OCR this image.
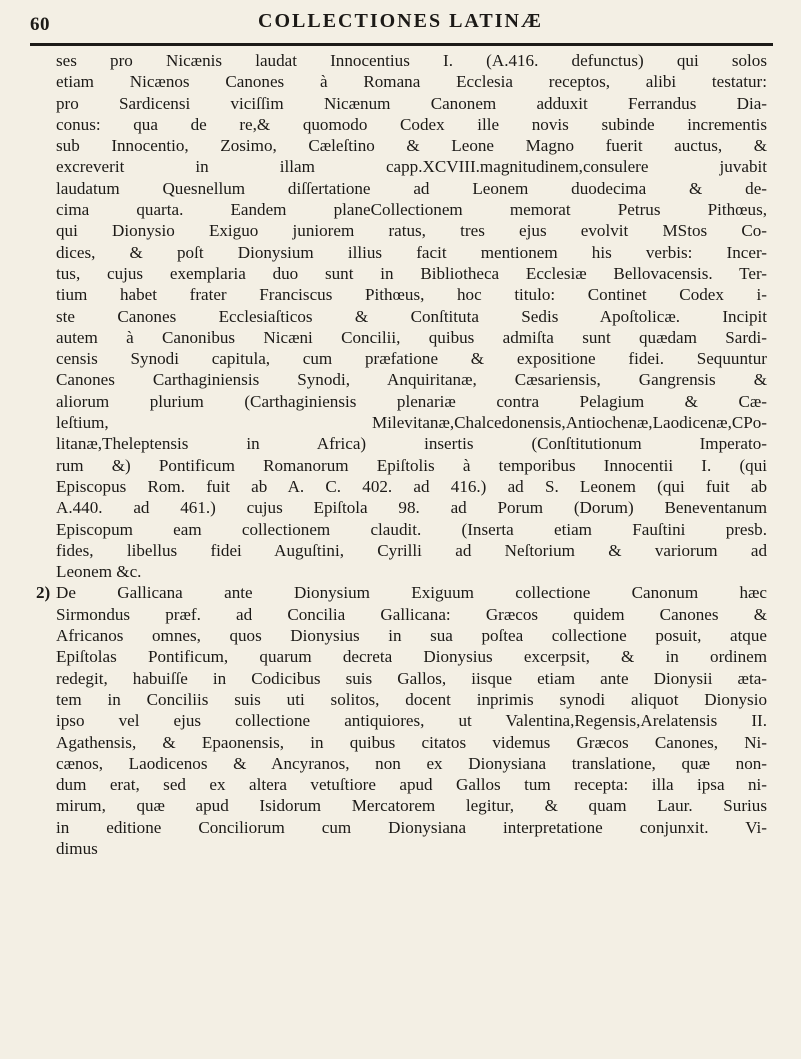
60	COLLECTIONES LATINÆ

ses pro Nicænis laudat Innocentius I. (A.416. defunctus) qui solos
etiam Nicænos Canones à Romana Ecclesia receptos, alibi testatur:
pro Sardicensi viciſſim Nicænum Canonem adduxit Ferrandus Dia-
conus: qua de re,& quomodo Codex ille novis subinde incrementis
sub Innocentio, Zosimo, Cæleſtino & Leone Magno fuerit auctus, &
excreverit in illam capp.XCVIII.magnitudinem,consulere juvabit
laudatum Quesnellum diſſertatione ad Leonem duodecima & de-
cima quarta. Eandem planeCollectionem memorat Petrus Pithœus,
qui Dionysio Exiguo juniorem ratus, tres ejus evolvit MStos Co-
dices, & poſt Dionysium illius facit mentionem his verbis: Incer-
tus, cujus exemplaria duo sunt in Bibliotheca Ecclesiæ Bellovacensis. Ter-
tium habet frater Franciscus Pithœus, hoc titulo: Continet Codex i-
ste Canones Ecclesiaſticos & Conſtituta Sedis Apoſtolicæ. Incipit
autem à Canonibus Nicæni Concilii, quibus admiſta sunt quædam Sardi-
censis Synodi capitula, cum præfatione & expositione fidei. Sequuntur
Canones Carthaginiensis Synodi, Anquiritanæ, Cæsariensis, Gangrensis &
aliorum plurium (Carthaginiensis plenariæ contra Pelagium & Cæ-
leſtium, Milevitanæ,Chalcedonensis,Antiochenæ,Laodicenæ,CPo-
litanæ,Theleptensis in Africa) insertis (Conſtitutionum Imperato-
rum &) Pontificum Romanorum Epiſtolis à temporibus Innocentii I. (qui
Episcopus Rom. fuit ab A. C. 402. ad 416.) ad S. Leonem (qui fuit ab
A.440. ad 461.) cujus Epiſtola 98. ad Porum (Dorum) Beneventanum
Episcopum eam collectionem claudit. (Inserta etiam Fauſtini presb.
fides, libellus fidei Auguſtini, Cyrilli ad Neſtorium & variorum ad
Leonem &c.

2) De Gallicana ante Dionysium Exiguum collectione Canonum hæc
Sirmondus præf. ad Concilia Gallicana: Græcos quidem Canones &
Africanos omnes, quos Dionysius in sua poſtea collectione posuit, atque
Epiſtolas Pontificum, quarum decreta Dionysius excerpsit, & in ordinem
redegit, habuiſſe in Codicibus suis Gallos, iisque etiam ante Dionysii æta-
tem in Conciliis suis uti solitos, docent inprimis synodi aliquot Dionysio
ipso vel ejus collectione antiquiores, ut Valentina,Regensis,Arelatensis II.
Agathensis, & Epaonensis, in quibus citatos videmus Græcos Canones, Ni-
cænos, Laodicenos & Ancyranos, non ex Dionysiana translatione, quæ non-
dum erat, sed ex altera vetuſtiore apud Gallos tum recepta: illa ipsa ni-
mirum, quæ apud Isidorum Mercatorem legitur, & quam Laur. Surius
in editione Conciliorum cum Dionysiana interpretatione conjunxit. Vi-
dimus
